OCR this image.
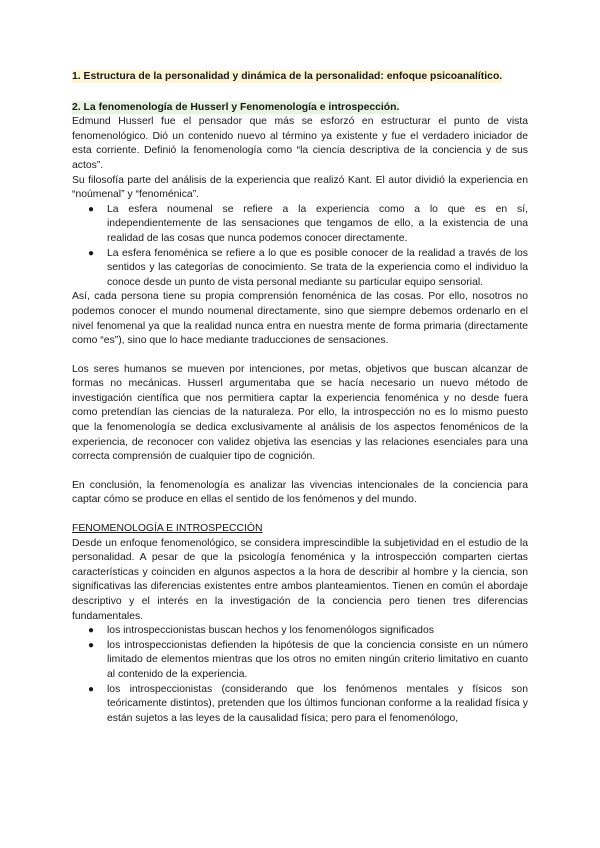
1. Estructura de la personalidad y dinámica de la personalidad: enfoque psicoanalítico.
2. La fenomenología de Husserl y Fenomenología e introspección.

Edmund Husserl fue el pensador que más se esforzó en estructurar el punto de vista fenomenológico. Dió un contenido nuevo al término ya existente y fue el verdadero iniciador de esta corriente. Definió la fenomenología como “la ciencia descriptiva de la conciencia y de sus actos”.

Su filosofía parte del análisis de la experiencia que realizó Kant. El autor dividió la experiencia en “noúmenal” y “fenoménica”.

● La esfera noumenal se refiere a la experiencia como a lo que es en sí, independientemente de las sensaciones que tengamos de ello, a la existencia de una realidad de las cosas que nunca podemos conocer directamente.
● La esfera fenoménica se refiere a lo que es posible conocer de la realidad a través de los sentidos y las categorías de conocimiento. Se trata de la experiencia como el individuo la conoce desde un punto de vista personal mediante su particular equipo sensorial.

Así, cada persona tiene su propia comprensión fenoménica de las cosas. Por ello, nosotros no podemos conocer el mundo noumenal directamente, sino que siempre debemos ordenarlo en el nivel fenomenal ya que la realidad nunca entra en nuestra mente de forma primaria (directamente como “es”), sino que lo hace mediante traducciones de sensaciones.

Los seres humanos se mueven por intenciones, por metas, objetivos que buscan alcanzar de formas no mecánicas. Husserl argumentaba que se hacía necesario un nuevo método de investigación científica que nos permitiera captar la experiencia fenoménica y no desde fuera como pretendían las ciencias de la naturaleza. Por ello, la introspección no es lo mismo puesto que la fenomenología se dedica exclusivamente al análisis de los aspectos fenoménicos de la experiencia, de reconocer con validez objetiva las esencias y las relaciones esenciales para una correcta comprensión de cualquier tipo de cognición.

En conclusión, la fenomenología es analizar las vivencias intencionales de la conciencia para captar cómo se produce en ellas el sentido de los fenómenos y del mundo.

FENOMENOLOGÍA E INTROSPECCIÓN

Desde un enfoque fenomenológico, se considera imprescindible la subjetividad en el estudio de la personalidad. A pesar de que la psicología fenoménica y la introspección comparten ciertas características y coinciden en algunos aspectos a la hora de describir al hombre y la ciencia, son significativas las diferencias existentes entre ambos planteamientos. Tienen en común el abordaje descriptivo y el interés en la investigación de la conciencia pero tienen tres diferencias fundamentales.

● los introspeccionistas buscan hechos y los fenomenólogos significados
● los introspeccionistas defienden la hipótesis de que la conciencia consiste en un número limitado de elementos mientras que los otros no emiten ningún criterio limitativo en cuanto al contenido de la experiencia.
● los introspeccionistas (considerando que los fenómenos mentales y físicos son teóricamente distintos), pretenden que los últimos funcionan conforme a la realidad física y están sujetos a las leyes de la causalidad física; pero para el fenomenólogo,
